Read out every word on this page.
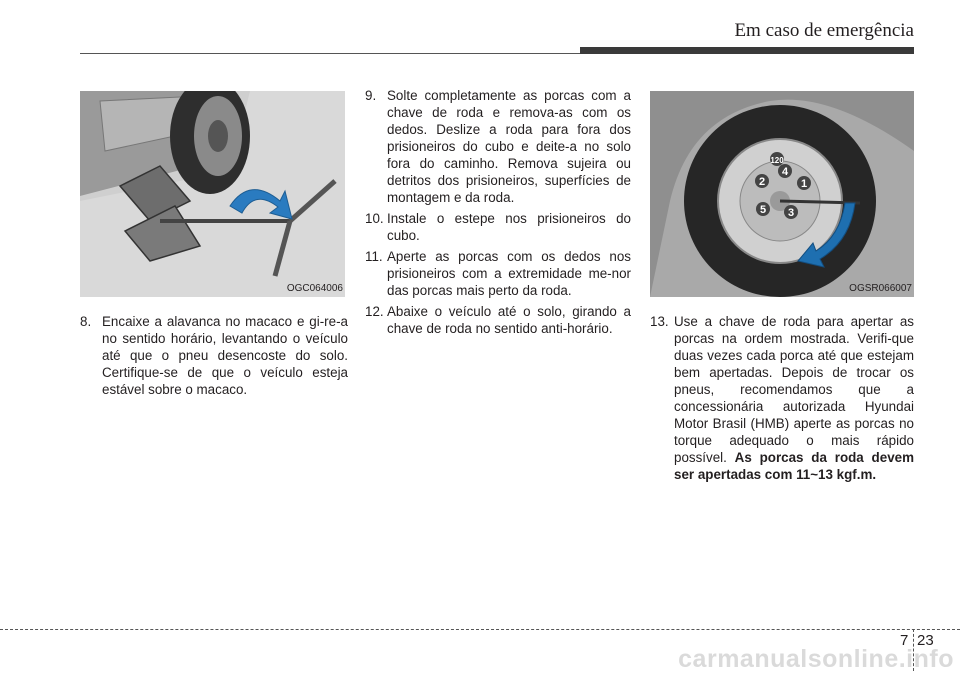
Em caso de emergência
OGC064006
1
2
3
4
5
120
OGSR066007

8. Encaixe a alavanca no macaco e gi-re-a no sentido horário, levantando o veículo até que o pneu desencoste do solo. Certifique-se de que o veículo esteja estável sobre o macaco.

9. Solte completamente as porcas com a chave de roda e remova-as com os dedos. Deslize a roda para fora dos prisioneiros do cubo e deite-a no solo fora do caminho. Remova sujeira ou detritos dos prisioneiros, superfícies de montagem e da roda.

10. Instale o estepe nos prisioneiros do cubo.

11. Aperte as porcas com os dedos nos prisioneiros com a extremidade me-nor das porcas mais perto da roda.

12. Abaixe o veículo até o solo, girando a chave de roda no sentido anti-horário.	13. Use a chave de roda para apertar as porcas na ordem mostrada. Verifi-que duas vezes cada porca até que estejam bem apertadas. Depois de trocar os pneus, recomendamos que a concessionária autorizada Hyundai Motor Brasil (HMB) aperte as porcas no torque adequado o mais rápido possível. As porcas da roda devem ser apertadas com 11~13 kgf.m.

7 23
carmanualsonline.info
